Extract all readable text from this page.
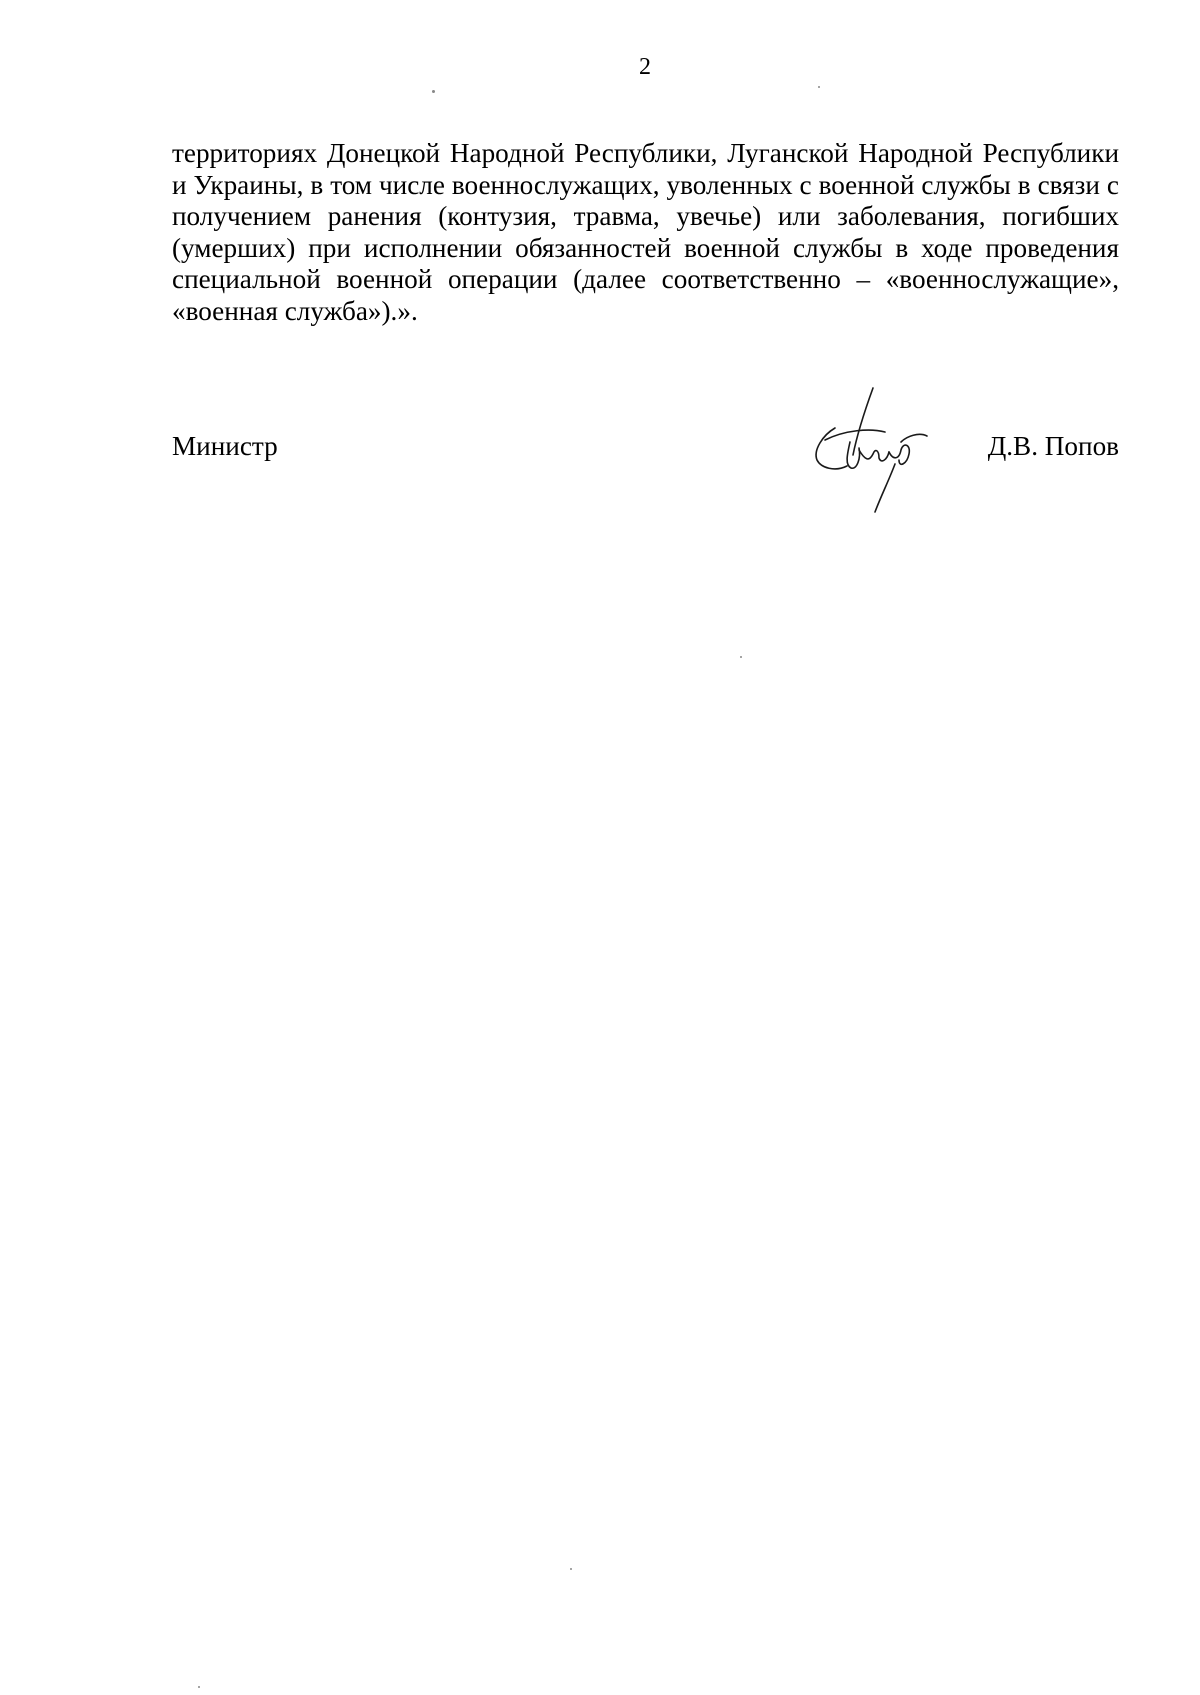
2
территориях Донецкой Народной Республики, Луганской Народной Республики и Украины, в том числе военнослужащих, уволенных с военной службы в связи с получением ранения (контузия, травма, увечье) или заболевания, погибших (умерших) при исполнении обязанностей военной службы в ходе проведения специальной военной операции (далее соответственно – «военнослужащие», «военная служба»).».
Министр	Д.В. Попов
